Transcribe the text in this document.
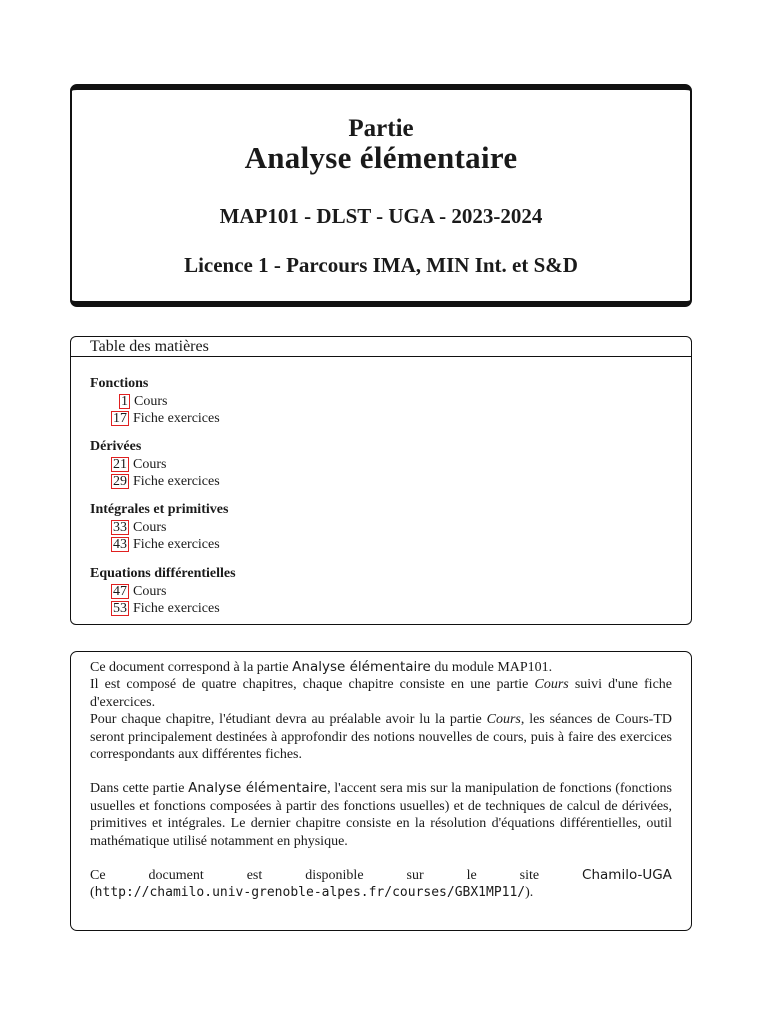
Partie
Analyse élémentaire
MAP101 - DLST - UGA - 2023-2024
Licence 1 - Parcours IMA, MIN Int. et S&D
Table des matières
Fonctions
1 Cours
17 Fiche exercices
Dérivées
21 Cours
29 Fiche exercices
Intégrales et primitives
33 Cours
43 Fiche exercices
Equations différentielles
47 Cours
53 Fiche exercices

Ce document correspond à la partie Analyse élémentaire du module MAP101.
Il est composé de quatre chapitres, chaque chapitre consiste en une partie Cours suivi d'une fiche d'exercices.
Pour chaque chapitre, l'étudiant devra au préalable avoir lu la partie Cours, les séances de Cours-TD seront principalement destinées à approfondir des notions nouvelles de cours, puis à faire des exercices correspondants aux différentes fiches.

Dans cette partie Analyse élémentaire, l'accent sera mis sur la manipulation de fonctions (fonctions usuelles et fonctions composées à partir des fonctions usuelles) et de techniques de calcul de dérivées, primitives et intégrales. Le dernier chapitre consiste en la résolution d'équations différentielles, outil mathématique utilisé notamment en physique.

Ce	document	est	disponible	sur	le	site	Chamilo-UGA

(http://chamilo.univ-grenoble-alpes.fr/courses/GBX1MP11/).
